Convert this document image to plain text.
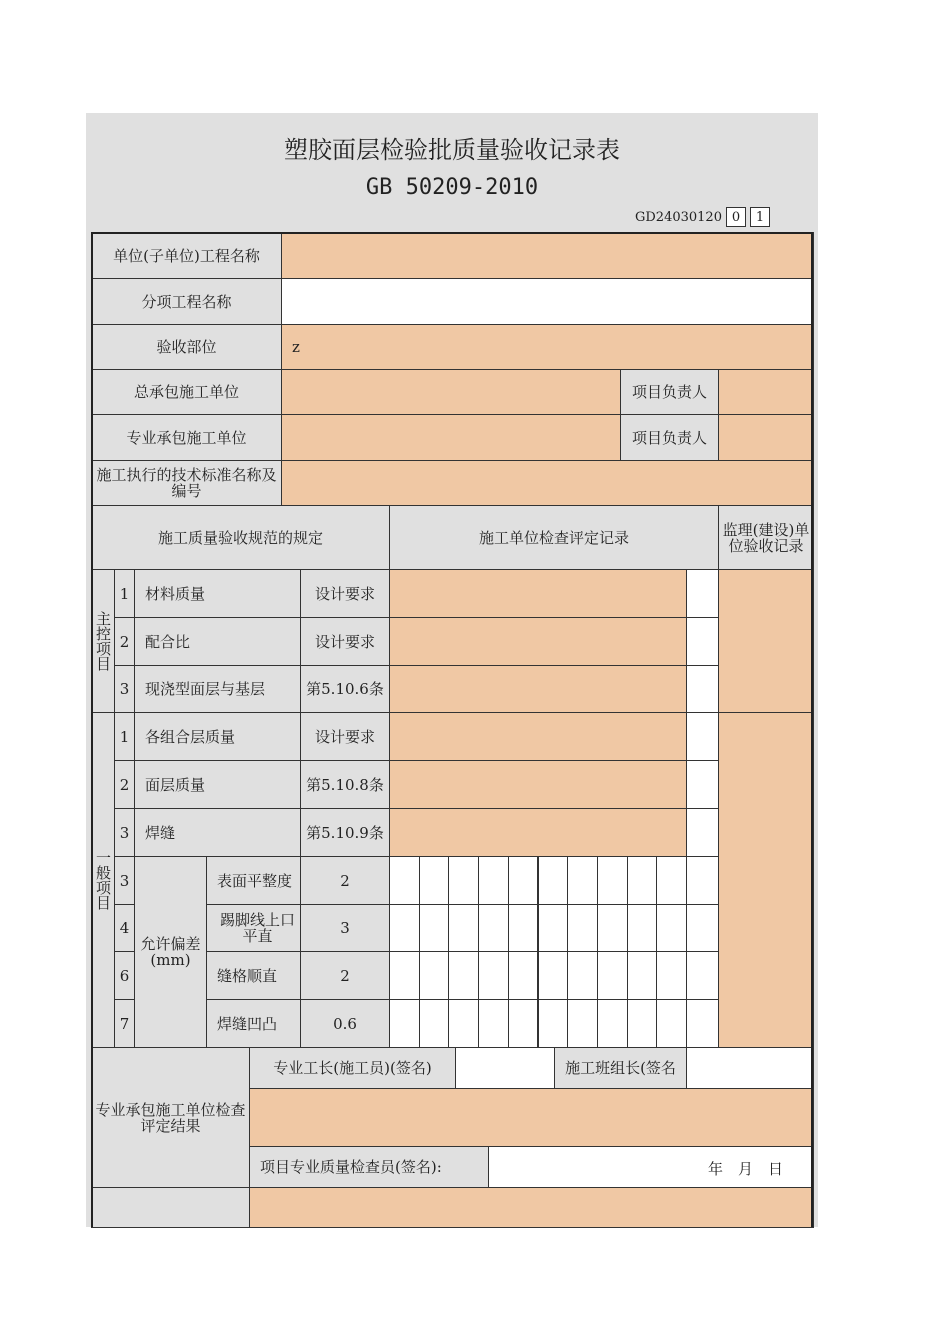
塑胶面层检验批质量验收记录表
GB 50209-2010
GD24030120 0	1
单位(子单位)工程名称
分项工程名称
验收部位	z
总承包施工单位	项目负责人
专业承包施工单位	项目负责人
施工执行的技术标准名称及编号
施工质量验收规范的规定	施工单位检查评定记录	监理(建设)单位验收记录
主控项目
1	材料质量	设计要求
2	配合比	设计要求
3	现浇型面层与基层	第5.10.6条
一般项目
1	各组合层质量	设计要求
2	面层质量	第5.10.8条
3	焊缝	第5.10.9条
允许偏差(mm)
3	表面平整度	2
4	踢脚线上口平直	3
6	缝格顺直	2
7	焊缝凹凸	0.6
专业承包施工单位检查评定结果
专业工长(施工员)(签名)	施工班组长(签名
项目专业质量检查员(签名):	年　月　日
